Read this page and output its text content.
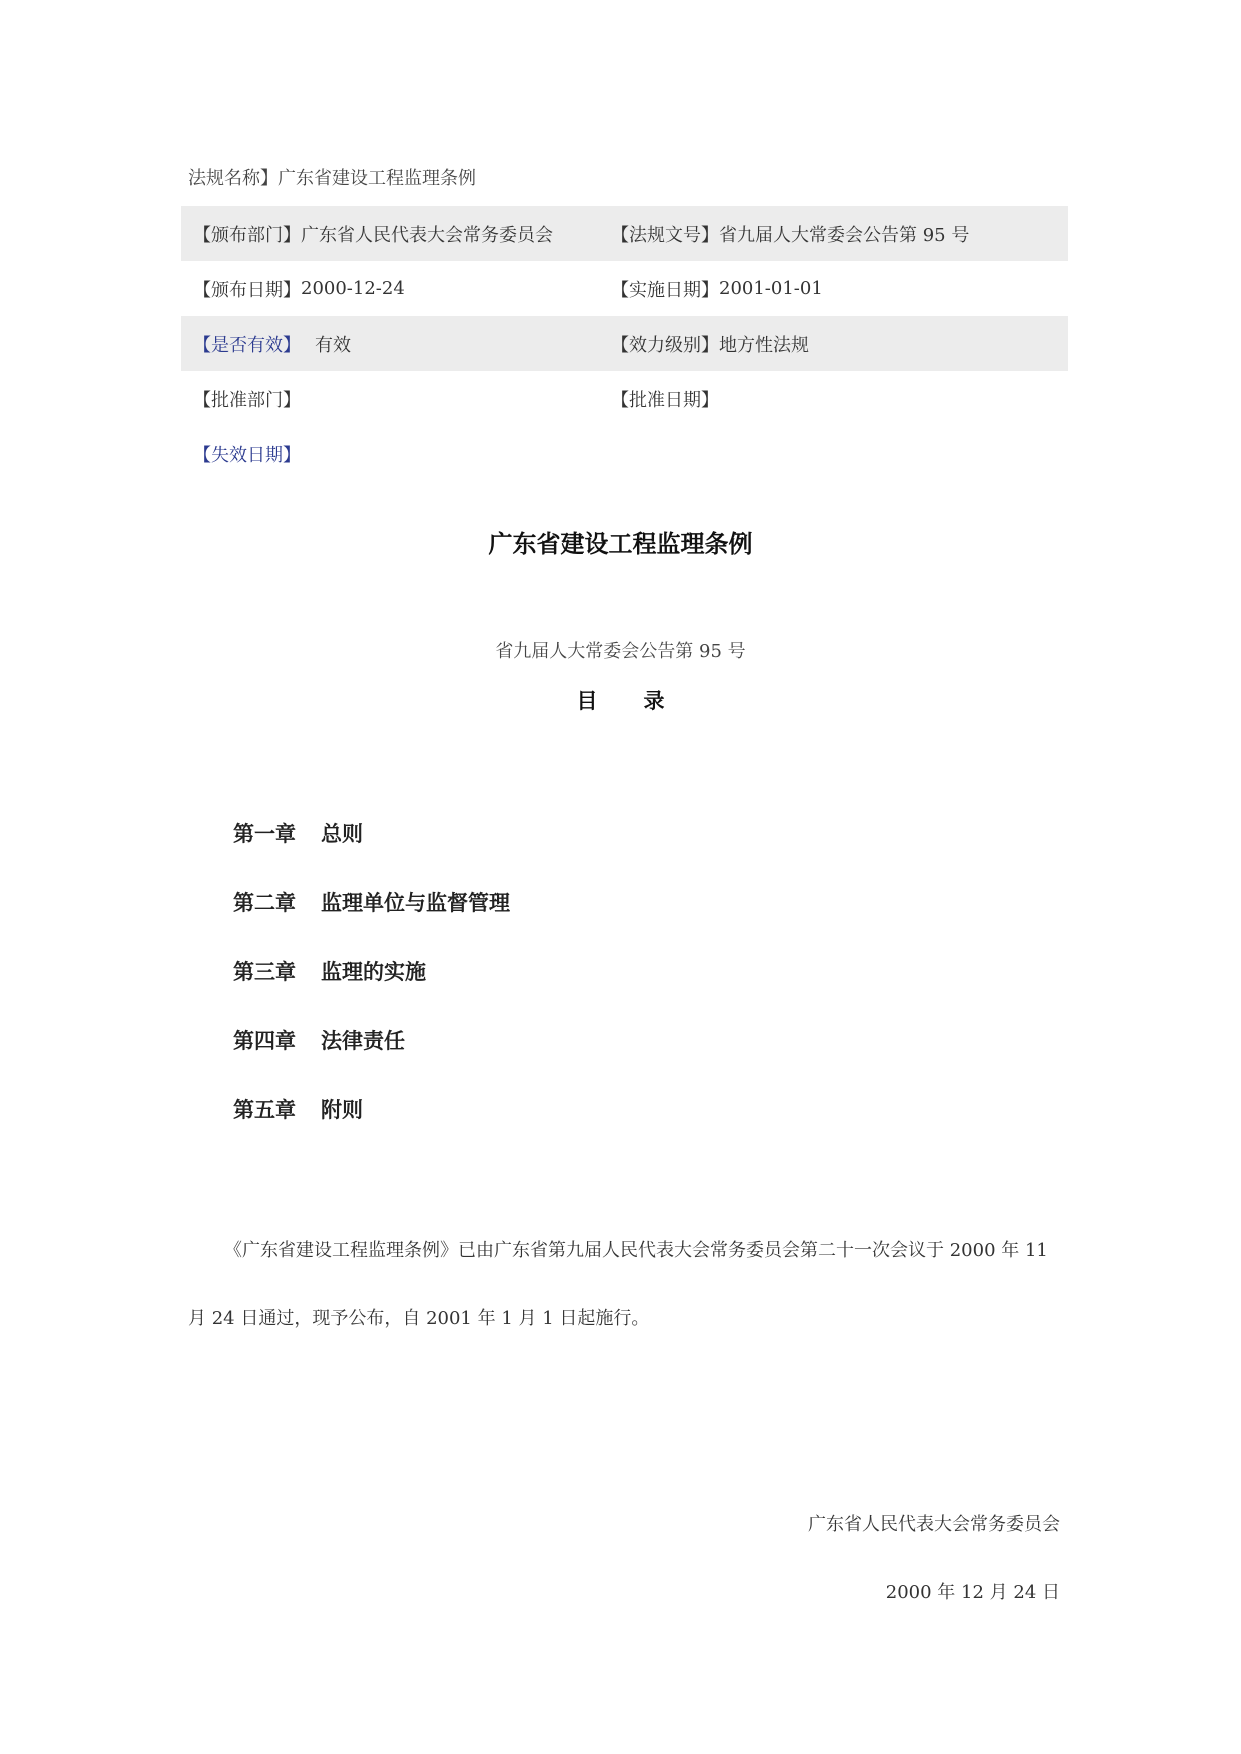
法规名称】广东省建设工程监理条例
【颁布部门】 广东省人民代表大会常务委员会	【法规文号】 省九届人大常委会公告第 95 号
【颁布日期】 2000-12-24	【实施日期】 2001-01-01
【是否有效】 有效	【效力级别】 地方性法规
【批准部门】	【批准日期】
【失效日期】
广东省建设工程监理条例
省九届人大常委会公告第 95 号
目录
第一章	总则
第二章	监理单位与监督管理
第三章	监理的实施
第四章	法律责任
第五章	附则
《广东省建设工程监理条例》已由广东省第九届人民代表大会常务委员会第二十一次会议于 2000 年 11
月 24 日通过，现予公布，自 2001 年 1 月 1 日起施行。
广东省人民代表大会常务委员会
2000 年 12 月 24 日
